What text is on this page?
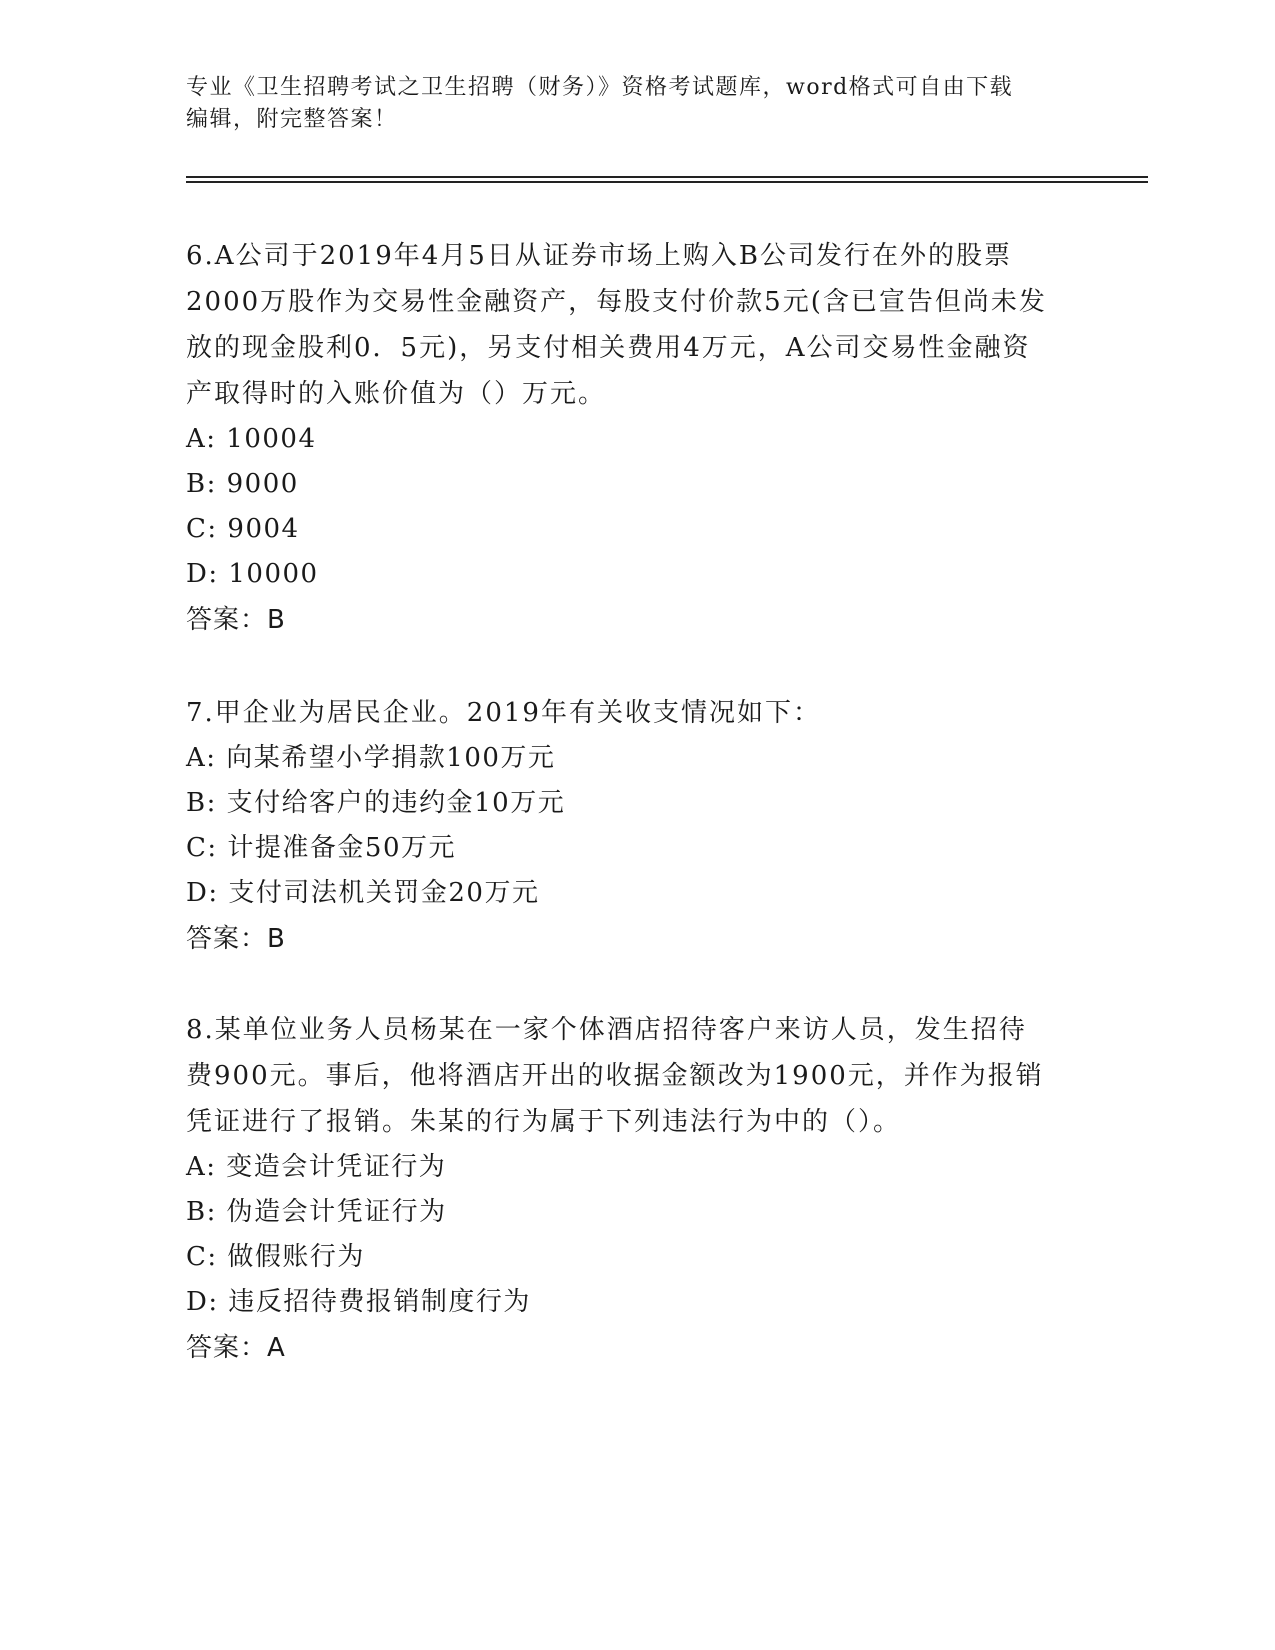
专业《卫生招聘考试之卫生招聘（财务）》资格考试题库，word格式可自由下载
编辑，附完整答案！
6.A公司于2019年4月5日从证券市场上购入B公司发行在外的股票
2000万股作为交易性金融资产，每股支付价款5元(含已宣告但尚未发
放的现金股利0．5元)，另支付相关费用4万元，A公司交易性金融资
产取得时的入账价值为（）万元。
A: 10004
B: 9000
C: 9004
D: 10000
答案：B
7.甲企业为居民企业。2019年有关收支情况如下：
A: 向某希望小学捐款100万元
B: 支付给客户的违约金10万元
C: 计提准备金50万元
D: 支付司法机关罚金20万元
答案：B
8.某单位业务人员杨某在一家个体酒店招待客户来访人员，发生招待
费900元。事后，他将酒店开出的收据金额改为1900元，并作为报销
凭证进行了报销。朱某的行为属于下列违法行为中的（）。
A: 变造会计凭证行为
B: 伪造会计凭证行为
C: 做假账行为
D: 违反招待费报销制度行为
答案：A
